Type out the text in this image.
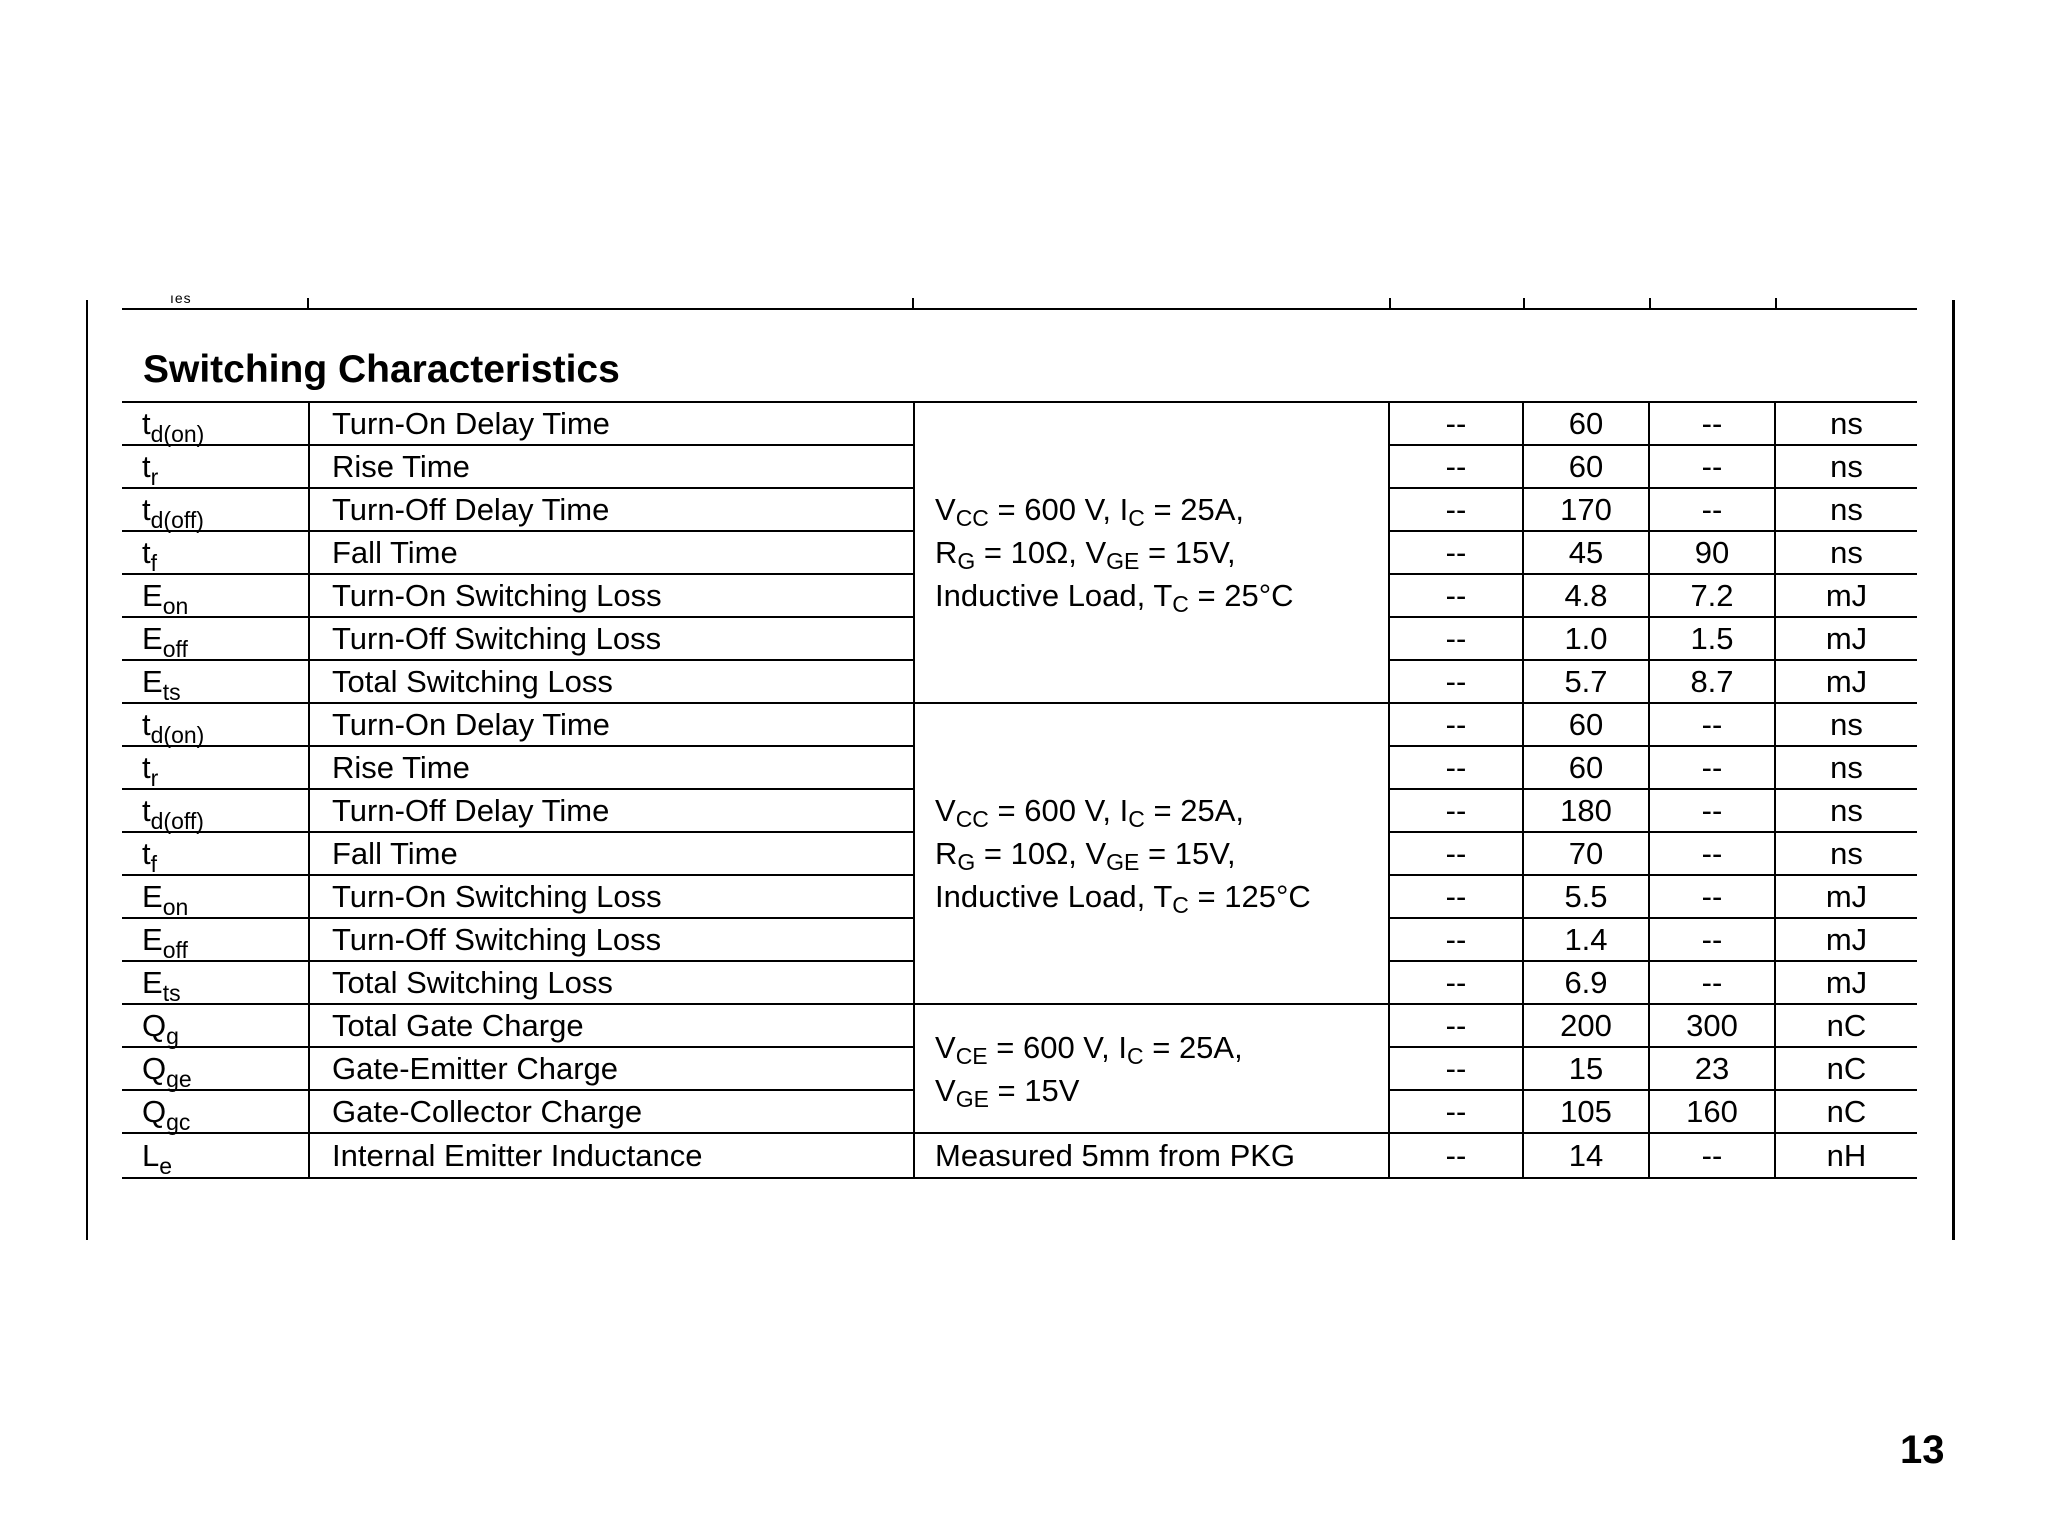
ıes
Switching Characteristics
$t_{d(on)}$	Turn-On Delay Time	$V_{CC} = 600$ V, $I_C = 25A$,
$R_G = 10\Omega$, $V_{GE} = 15V$,
Inductive Load, $T_C = 25^\circ C$	--	60	--	ns
$t_r$	Rise Time		--	60	--	ns
$t_{d(off)}$	Turn-Off Delay Time		--	170	--	ns
$t_f$	Fall Time		--	45	90	ns
$E_{on}$	Turn-On Switching Loss		--	4.8	7.2	mJ
$E_{off}$	Turn-Off Switching Loss		--	1.0	1.5	mJ
$E_{ts}$	Total Switching Loss		--	5.7	8.7	mJ
$t_{d(on)}$	Turn-On Delay Time	$V_{CC} = 600$ V, $I_C = 25A$,
$R_G = 10\Omega$, $V_{GE} = 15V$,
Inductive Load, $T_C = 125^\circ C$	--	60	--	ns
$t_r$	Rise Time		--	60	--	ns
$t_{d(off)}$	Turn-Off Delay Time		--	180	--	ns
$t_f$	Fall Time		--	70	--	ns
$E_{on}$	Turn-On Switching Loss		--	5.5	--	mJ
$E_{off}$	Turn-Off Switching Loss		--	1.4	--	mJ
$E_{ts}$	Total Switching Loss		--	6.9	--	mJ
$Q_g$	Total Gate Charge	$V_{CE} = 600$ V, $I_C = 25A$,
$V_{GE} = 15V$	--	200	300	nC
$Q_{ge}$	Gate-Emitter Charge		--	15	23	nC
$Q_{gc}$	Gate-Collector Charge		--	105	160	nC
$L_e$	Internal Emitter Inductance	Measured 5mm from PKG	--	14	--	nH
13
